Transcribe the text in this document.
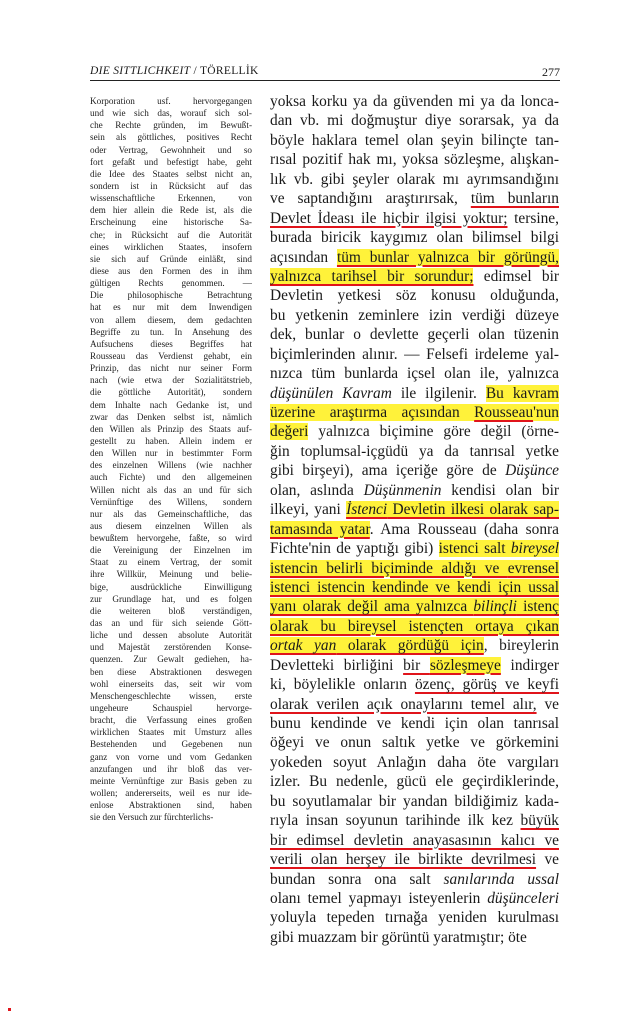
DIE SITTLICHKEIT / TÖRELLİK	277
Korporation usf. hervorgegangen
und wie sich das, worauf sich sol-
che Rechte gründen, im Bewußt-
sein als göttliches, positives Recht
oder Vertrag, Gewohnheit und so
fort gefaßt und befestigt habe, geht
die Idee des Staates selbst nicht an,
sondern ist in Rücksicht auf das
wissenschaftliche Erkennen, von
dem hier allein die Rede ist, als die
Erscheinung eine historische Sa-
che; in Rücksicht auf die Autorität
eines wirklichen Staates, insofern
sie sich auf Gründe einläßt, sind
diese aus den Formen des in ihm
gültigen Rechts genommen. —
Die philosophische Betrachtung
hat es nur mit dem Inwendigen
von allem diesem, dem gedachten
Begriffe zu tun. In Ansehung des
Aufsuchens dieses Begriffes hat
Rousseau das Verdienst gehabt, ein
Prinzip, das nicht nur seiner Form
nach (wie etwa der Sozialitätstrieb,
die göttliche Autorität), sondern
dem Inhalte nach Gedanke ist, und
zwar das Denken selbst ist, nämlich
den Willen als Prinzip des Staats auf-
gestellt zu haben. Allein indem er
den Willen nur in bestimmter Form
des einzelnen Willens (wie nachher
auch Fichte) und den allgemeinen
Willen nicht als das an und für sich
Vernünftige des Willens, sondern
nur als das Gemeinschaftliche, das
aus diesem einzelnen Willen als
bewußtem hervorgehe, faßte, so wird
die Vereinigung der Einzelnen im
Staat zu einem Vertrag, der somit
ihre Willkür, Meinung und belie-
bige, ausdrückliche Einwilligung
zur Grundlage hat, und es folgen
die weiteren bloß verständigen,
das an und für sich seiende Gött-
liche und dessen absolute Autorität
und Majestät zerstörenden Konse-
quenzen. Zur Gewalt gediehen, ha-
ben diese Abstraktionen deswegen
wohl einerseits das, seit wir vom
Menschengeschlechte wissen, erste
ungeheure Schauspiel hervorge-
bracht, die Verfassung eines großen
wirklichen Staates mit Umsturz alles
Bestehenden und Gegebenen nun
ganz von vorne und vom Gedanken
anzufangen und ihr bloß das ver-
meinte Vernünftige zur Basis geben zu
wollen; andererseits, weil es nur ide-
enlose Abstraktionen sind, haben
sie den Versuch zur fürchterlichs-
yoksa korku ya da güvenden mi ya da lonca-
dan vb. mi doğmuştur diye sorarsak, ya da
böyle haklara temel olan şeyin bilinçte tan-
rısal pozitif hak mı, yoksa sözleşme, alışkan-
lık vb. gibi şeyler olarak mı ayrımsandığını
ve saptandığını araştırırsak, tüm bunların
Devlet İdeası ile hiçbir ilgisi yoktur; tersine,
burada biricik kaygımız olan bilimsel bilgi
açısından tüm bunlar yalnızca bir görüngü,
yalnızca tarihsel bir sorundur; edimsel bir
Devletin yetkesi söz konusu olduğunda,
bu yetkenin zeminlere izin verdiği düzeye
dek, bunlar o devlette geçerli olan tüzenin
biçimlerinden alınır. — Felsefi irdeleme yal-
nızca tüm bunlarda içsel olan ile, yalnızca
düşünülen Kavram ile ilgilenir. Bu kavram
üzerine araştırma açısından Rousseau'nun
değeri yalnızca biçimine göre değil (örne-
ğin toplumsal-içgüdü ya da tanrısal yetke
gibi birşeyi), ama içeriğe göre de Düşünce
olan, aslında Düşünmenin kendisi olan bir
ilkeyi, yani İstenci Devletin ilkesi olarak sap-
tamasında yatar. Ama Rousseau (daha sonra
Fichte'nin de yaptığı gibi) istenci salt bireysel
istencin belirli biçiminde aldığı ve evrensel
istenci istencin kendinde ve kendi için ussal
yanı olarak değil ama yalnızca bilinçli istenç
olarak bu bireysel istençten ortaya çıkan
ortak yan olarak gördüğü için, bireylerin
Devletteki birliğini bir sözleşmeye indirger
ki, böylelikle onların özenç, görüş ve keyfi
olarak verilen açık onaylarını temel alır, ve
bunu kendinde ve kendi için olan tanrısal
öğeyi ve onun saltık yetke ve görkemini
yokeden soyut Anlağın daha öte vargıları
izler. Bu nedenle, gücü ele geçirdiklerinde,
bu soyutlamalar bir yandan bildiğimiz kada-
rıyla insan soyunun tarihinde ilk kez büyük
bir edimsel devletin anayasasının kalıcı ve
verili olan herşey ile birlikte devrilmesi ve
bundan sonra ona salt sanılarında ussal
olanı temel yapmayı isteyenlerin düşünceleri
yoluyla tepeden tırnağa yeniden kurulması
gibi muazzam bir görüntü yaratmıştır; öte
